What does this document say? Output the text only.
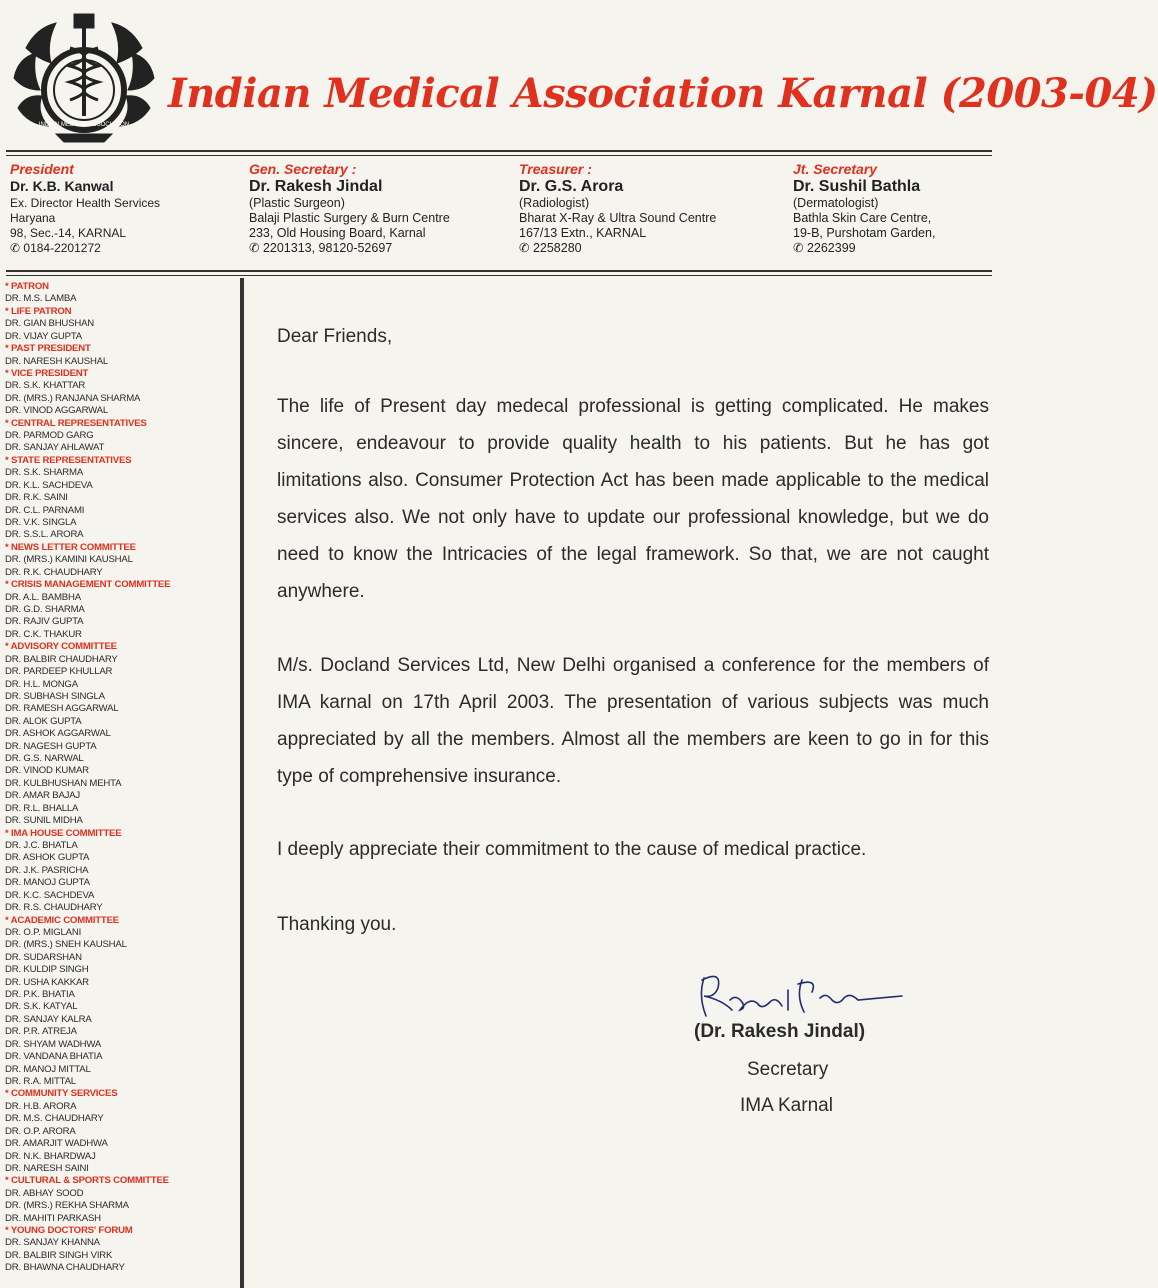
INDIAN MEDICAL ASSOCIATION
Indian Medical Association Karnal (2003-04)
President
Dr. K.B. Kanwal
Ex. Director Health Services
Haryana
98, Sec.-14, KARNAL
✆ 0184-2201272
Gen. Secretary :
Dr. Rakesh Jindal
(Plastic Surgeon)
Balaji Plastic Surgery & Burn Centre
233, Old Housing Board, Karnal
✆ 2201313, 98120-52697
Treasurer :
Dr. G.S. Arora
(Radiologist)
Bharat X-Ray & Ultra Sound Centre
167/13 Extn., KARNAL
✆ 2258280
Jt. Secretary
Dr. Sushil Bathla
(Dermatologist)
Bathla Skin Care Centre,
19-B, Purshotam Garden,
✆ 2262399
* PATRON
DR. M.S. LAMBA
* LIFE PATRON
DR. GIAN BHUSHAN
DR. VIJAY GUPTA
* PAST PRESIDENT
DR. NARESH KAUSHAL
* VICE PRESIDENT
DR. S.K. KHATTAR
DR. (MRS.) RANJANA SHARMA
DR. VINOD AGGARWAL
* CENTRAL REPRESENTATIVES
DR. PARMOD GARG
DR. SANJAY AHLAWAT
* STATE REPRESENTATIVES
DR. S.K. SHARMA
DR. K.L. SACHDEVA
DR. R.K. SAINI
DR. C.L. PARNAMI
DR. V.K. SINGLA
DR. S.S.L. ARORA
* NEWS LETTER COMMITTEE
DR. (MRS.) KAMINI KAUSHAL
DR. R.K. CHAUDHARY
* CRISIS MANAGEMENT COMMITTEE
DR. A.L. BAMBHA
DR. G.D. SHARMA
DR. RAJIV GUPTA
DR. C.K. THAKUR
* ADVISORY COMMITTEE
DR. BALBIR CHAUDHARY
DR. PARDEEP KHULLAR
DR. H.L. MONGA
DR. SUBHASH SINGLA
DR. RAMESH AGGARWAL
DR. ALOK GUPTA
DR. ASHOK AGGARWAL
DR. NAGESH GUPTA
DR. G.S. NARWAL
DR. VINOD KUMAR
DR. KULBHUSHAN MEHTA
DR. AMAR BAJAJ
DR. R.L. BHALLA
DR. SUNIL MIDHA
* IMA HOUSE COMMITTEE
DR. J.C. BHATLA
DR. ASHOK GUPTA
DR. J.K. PASRICHA
DR. MANOJ GUPTA
DR. K.C. SACHDEVA
DR. R.S. CHAUDHARY
* ACADEMIC COMMITTEE
DR. O.P. MIGLANI
DR. (MRS.) SNEH KAUSHAL
DR. SUDARSHAN
DR. KULDIP SINGH
DR. USHA KAKKAR
DR. P.K. BHATIA
DR. S.K. KATYAL
DR. SANJAY KALRA
DR. P.R. ATREJA
DR. SHYAM WADHWA
DR. VANDANA BHATIA
DR. MANOJ MITTAL
DR. R.A. MITTAL
* COMMUNITY SERVICES
DR. H.B. ARORA
DR. M.S. CHAUDHARY
DR. O.P. ARORA
DR. AMARJIT WADHWA
DR. N.K. BHARDWAJ
DR. NARESH SAINI
* CULTURAL & SPORTS COMMITTEE
DR. ABHAY SOOD
DR. (MRS.) REKHA SHARMA
DR. MAHITI PARKASH
* YOUNG DOCTORS' FORUM
DR. SANJAY KHANNA
DR. BALBIR SINGH VIRK
DR. BHAWNA CHAUDHARY
Dear Friends,
The life of Present day medecal professional is getting complicated. He makes sincere, endeavour to provide quality health to his patients. But he has got limitations also. Consumer Protection Act has been made applicable to the medical services also. We not only have to update our professional knowledge, but we do need to know the Intricacies of the legal framework. So that, we are not caught anywhere.
M/s. Docland Services Ltd, New Delhi organised a conference for the members of IMA karnal on 17th April 2003. The presentation of various subjects was much appreciated by all the members. Almost all the members are keen to go in for this type of comprehensive insurance.
I deeply appreciate their commitment to the cause of medical practice.
Thanking you.
(Dr. Rakesh Jindal)
Secretary
IMA Karnal
